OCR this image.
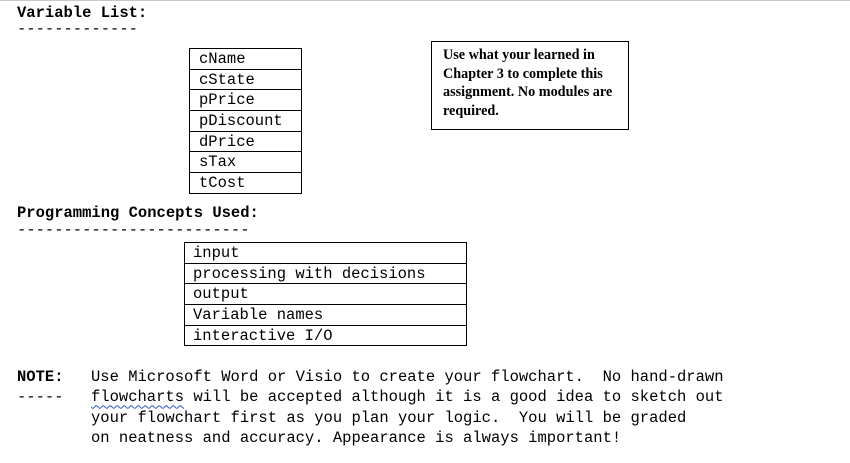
Variable List:
-------------
cName
cState
pPrice
pDiscount
dPrice
sTax
tCost
Use what your learned in Chapter 3 to complete this assignment. No modules are required.
Programming Concepts Used:
-------------------------
input
processing with decisions
output
Variable names
interactive I/O
NOTE:
-----
Use Microsoft Word or Visio to create your flowchart.  No hand-drawn
flowcharts will be accepted although it is a good idea to sketch out
your flowchart first as you plan your logic.  You will be graded
on neatness and accuracy. Appearance is always important!
